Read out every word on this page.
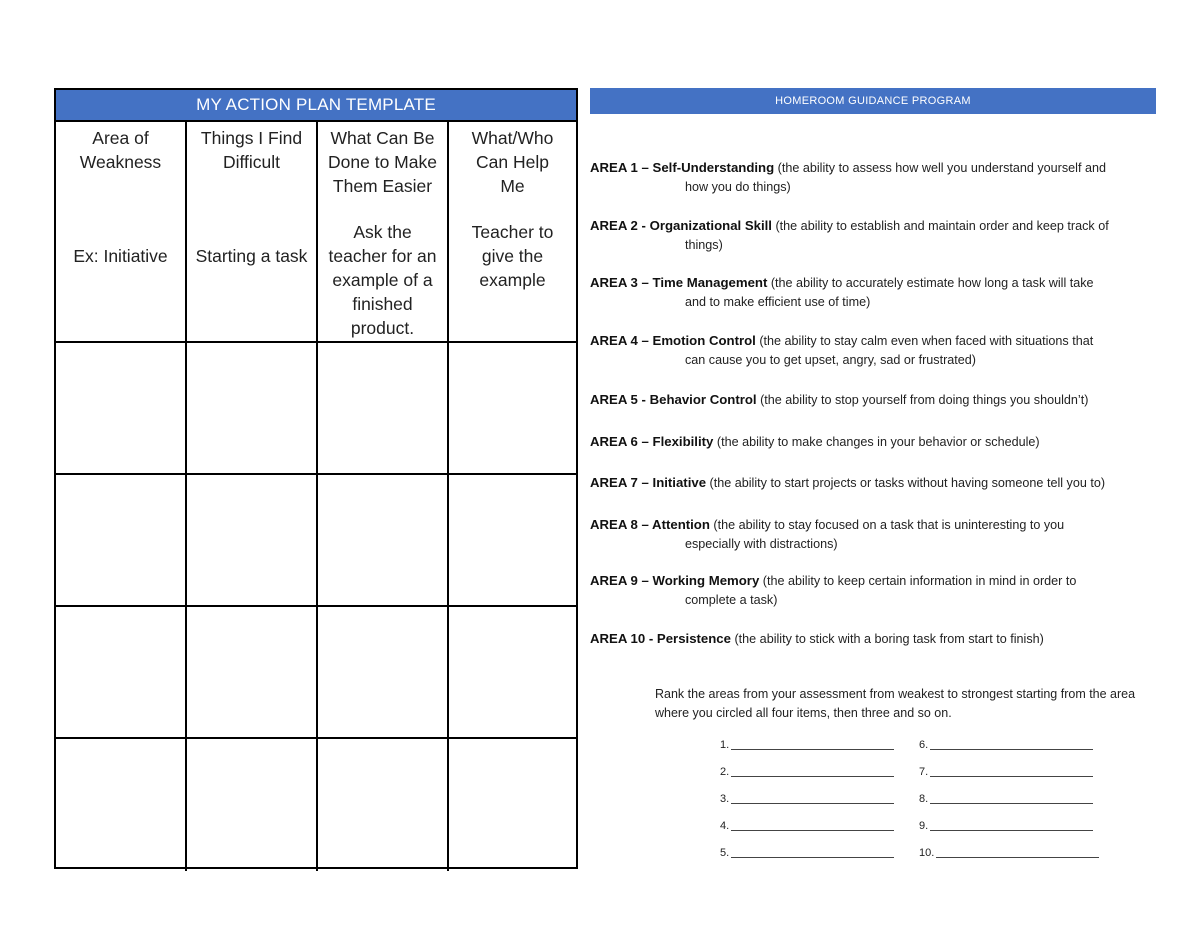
MY ACTION PLAN TEMPLATE
Area of Weakness
Ex: Initiative
Things I Find Difficult
Starting a task
What Can Be Done to Make Them Easier
Ask the teacher for an example of a finished product.
What/Who Can Help Me
Teacher to give the example
HOMEROOM GUIDANCE PROGRAM
AREA 1 – Self-Understanding (the ability to assess how well you understand yourself and
how you do things)
AREA 2 - Organizational Skill (the ability to establish and maintain order and keep track of
things)
AREA 3 – Time Management (the ability to accurately estimate how long a task will take
and to make efficient use of time)
AREA 4 – Emotion Control (the ability to stay calm even when faced with situations that
can cause you to get upset, angry, sad or frustrated)
AREA 5 - Behavior Control (the ability to stop yourself from doing things you shouldn’t)
AREA 6 – Flexibility (the ability to make changes in your behavior or schedule)
AREA 7 – Initiative (the ability to start projects or tasks without having someone tell you to)
AREA 8 – Attention (the ability to stay focused on a task that is uninteresting to you
especially with distractions)
AREA 9 – Working Memory (the ability to keep certain information in mind in order to
complete a task)
AREA 10 - Persistence (the ability to stick with a boring task from start to finish)
Rank the areas from your assessment from weakest to strongest starting from the area where you circled all four items, then three and so on.
1.
2.
3.
4.
5.
6.
7.
8.
9.
10.
